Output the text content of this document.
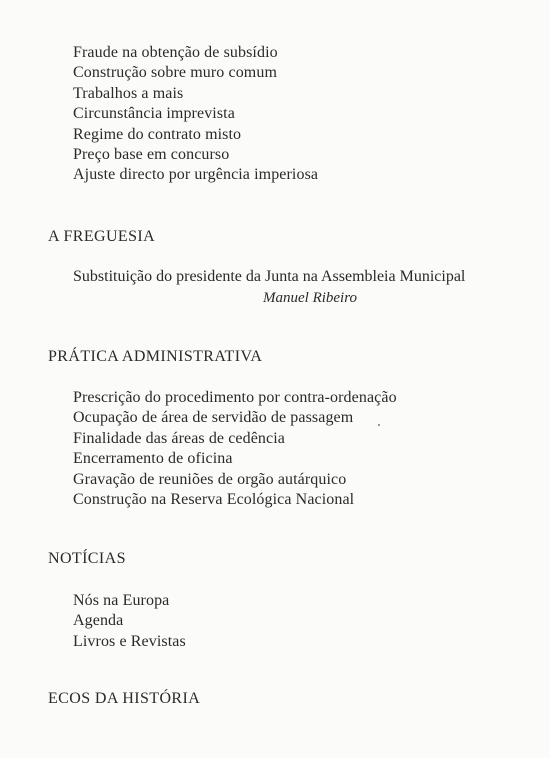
Fraude na obtenção de subsídio
Construção sobre muro comum
Trabalhos a mais
Circunstância imprevista
Regime do contrato misto
Preço base em concurso
Ajuste directo por urgência imperiosa
A FREGUESIA
Substituição do presidente da Junta na Assembleia Municipal
Manuel Ribeiro
PRÁTICA ADMINISTRATIVA
Prescrição do procedimento por contra-ordenação
Ocupação de área de servidão de passagem
Finalidade das áreas de cedência
Encerramento de oficina
Gravação de reuniões de orgão autárquico
Construção na Reserva Ecológica Nacional
NOTÍCIAS
Nós na Europa
Agenda
Livros e Revistas
ECOS DA HISTÓRIA
